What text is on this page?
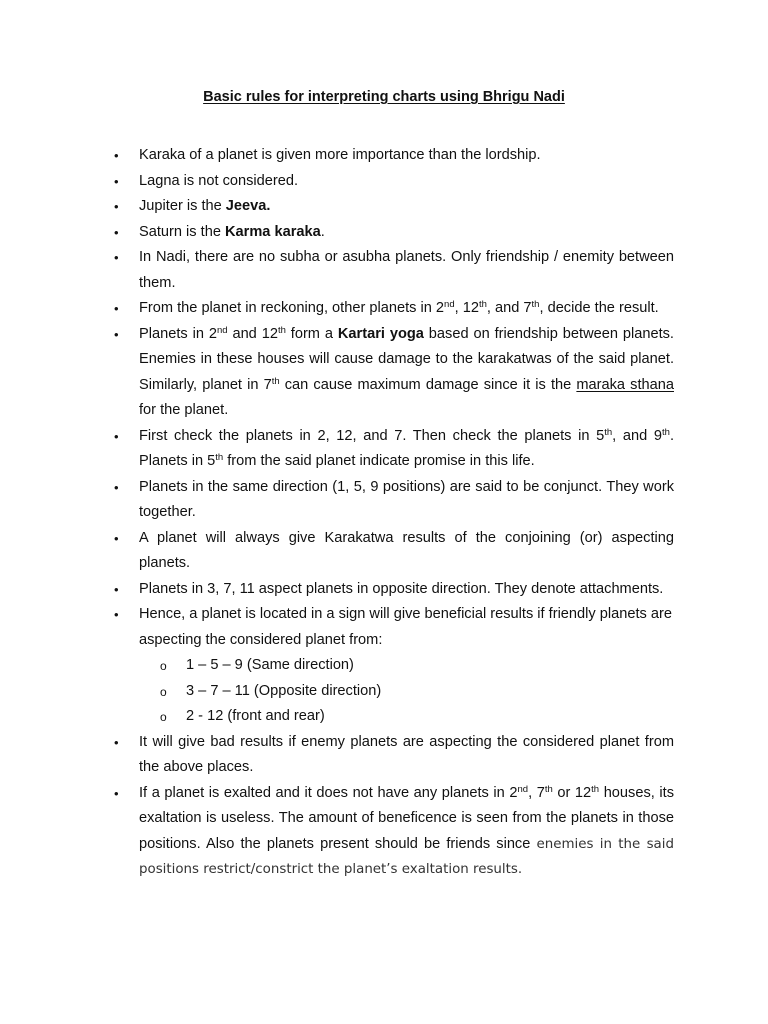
Basic rules for interpreting charts using Bhrigu Nadi
• Karaka of a planet is given more importance than the lordship.
• Lagna is not considered.
• Jupiter is the Jeeva.
• Saturn is the Karma karaka.
• In Nadi, there are no subha or asubha planets. Only friendship / enemity between them.
• From the planet in reckoning, other planets in 2nd, 12th, and 7th, decide the result.
• Planets in 2nd and 12th form a Kartari yoga based on friendship between planets. Enemies in these houses will cause damage to the karakatwas of the said planet. Similarly, planet in 7th can cause maximum damage since it is the maraka sthana for the planet.
• First check the planets in 2, 12, and 7. Then check the planets in 5th, and 9th. Planets in 5th from the said planet indicate promise in this life.
• Planets in the same direction (1, 5, 9 positions) are said to be conjunct. They work together.
• A planet will always give Karakatwa results of the conjoining (or) aspecting planets.
• Planets in 3, 7, 11 aspect planets in opposite direction. They denote attachments.
• Hence, a planet is located in a sign will give beneficial results if friendly planets are aspecting the considered planet from:
o 1 – 5 – 9 (Same direction)
o 3 – 7 – 11 (Opposite direction)
o 2 - 12 (front and rear)
• It will give bad results if enemy planets are aspecting the considered planet from the above places.
• If a planet is exalted and it does not have any planets in 2nd, 7th or 12th houses, its exaltation is useless. The amount of beneficence is seen from the planets in those positions. Also the planets present should be friends since enemies in the said positions restrict/constrict the planet’s exaltation results.
